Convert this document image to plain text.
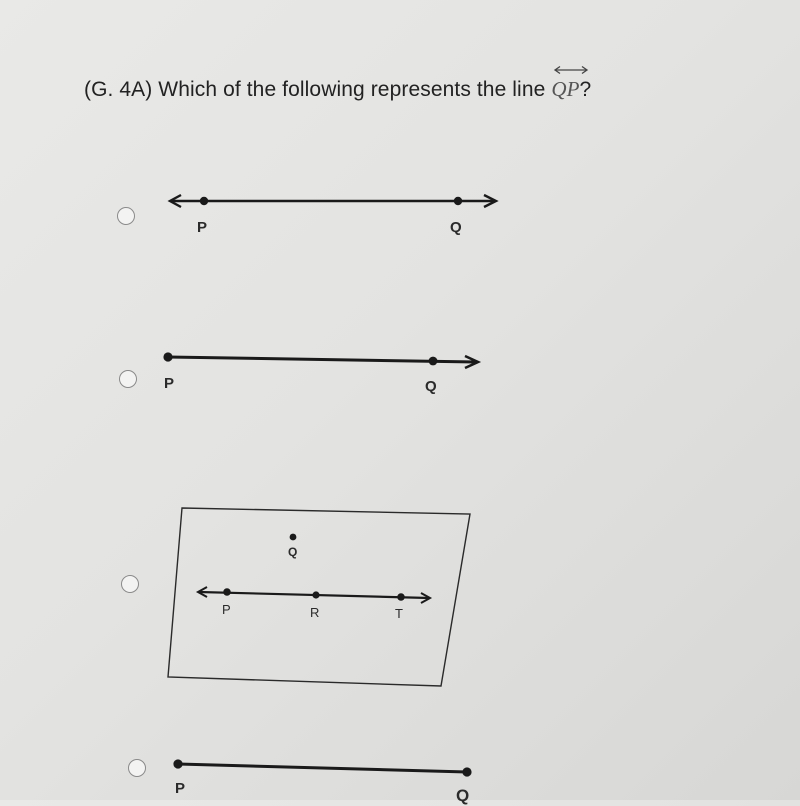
(G. 4A) Which of the following represents the line
QP?
P	Q
P	Q
Q
P	R	T
P	Q
